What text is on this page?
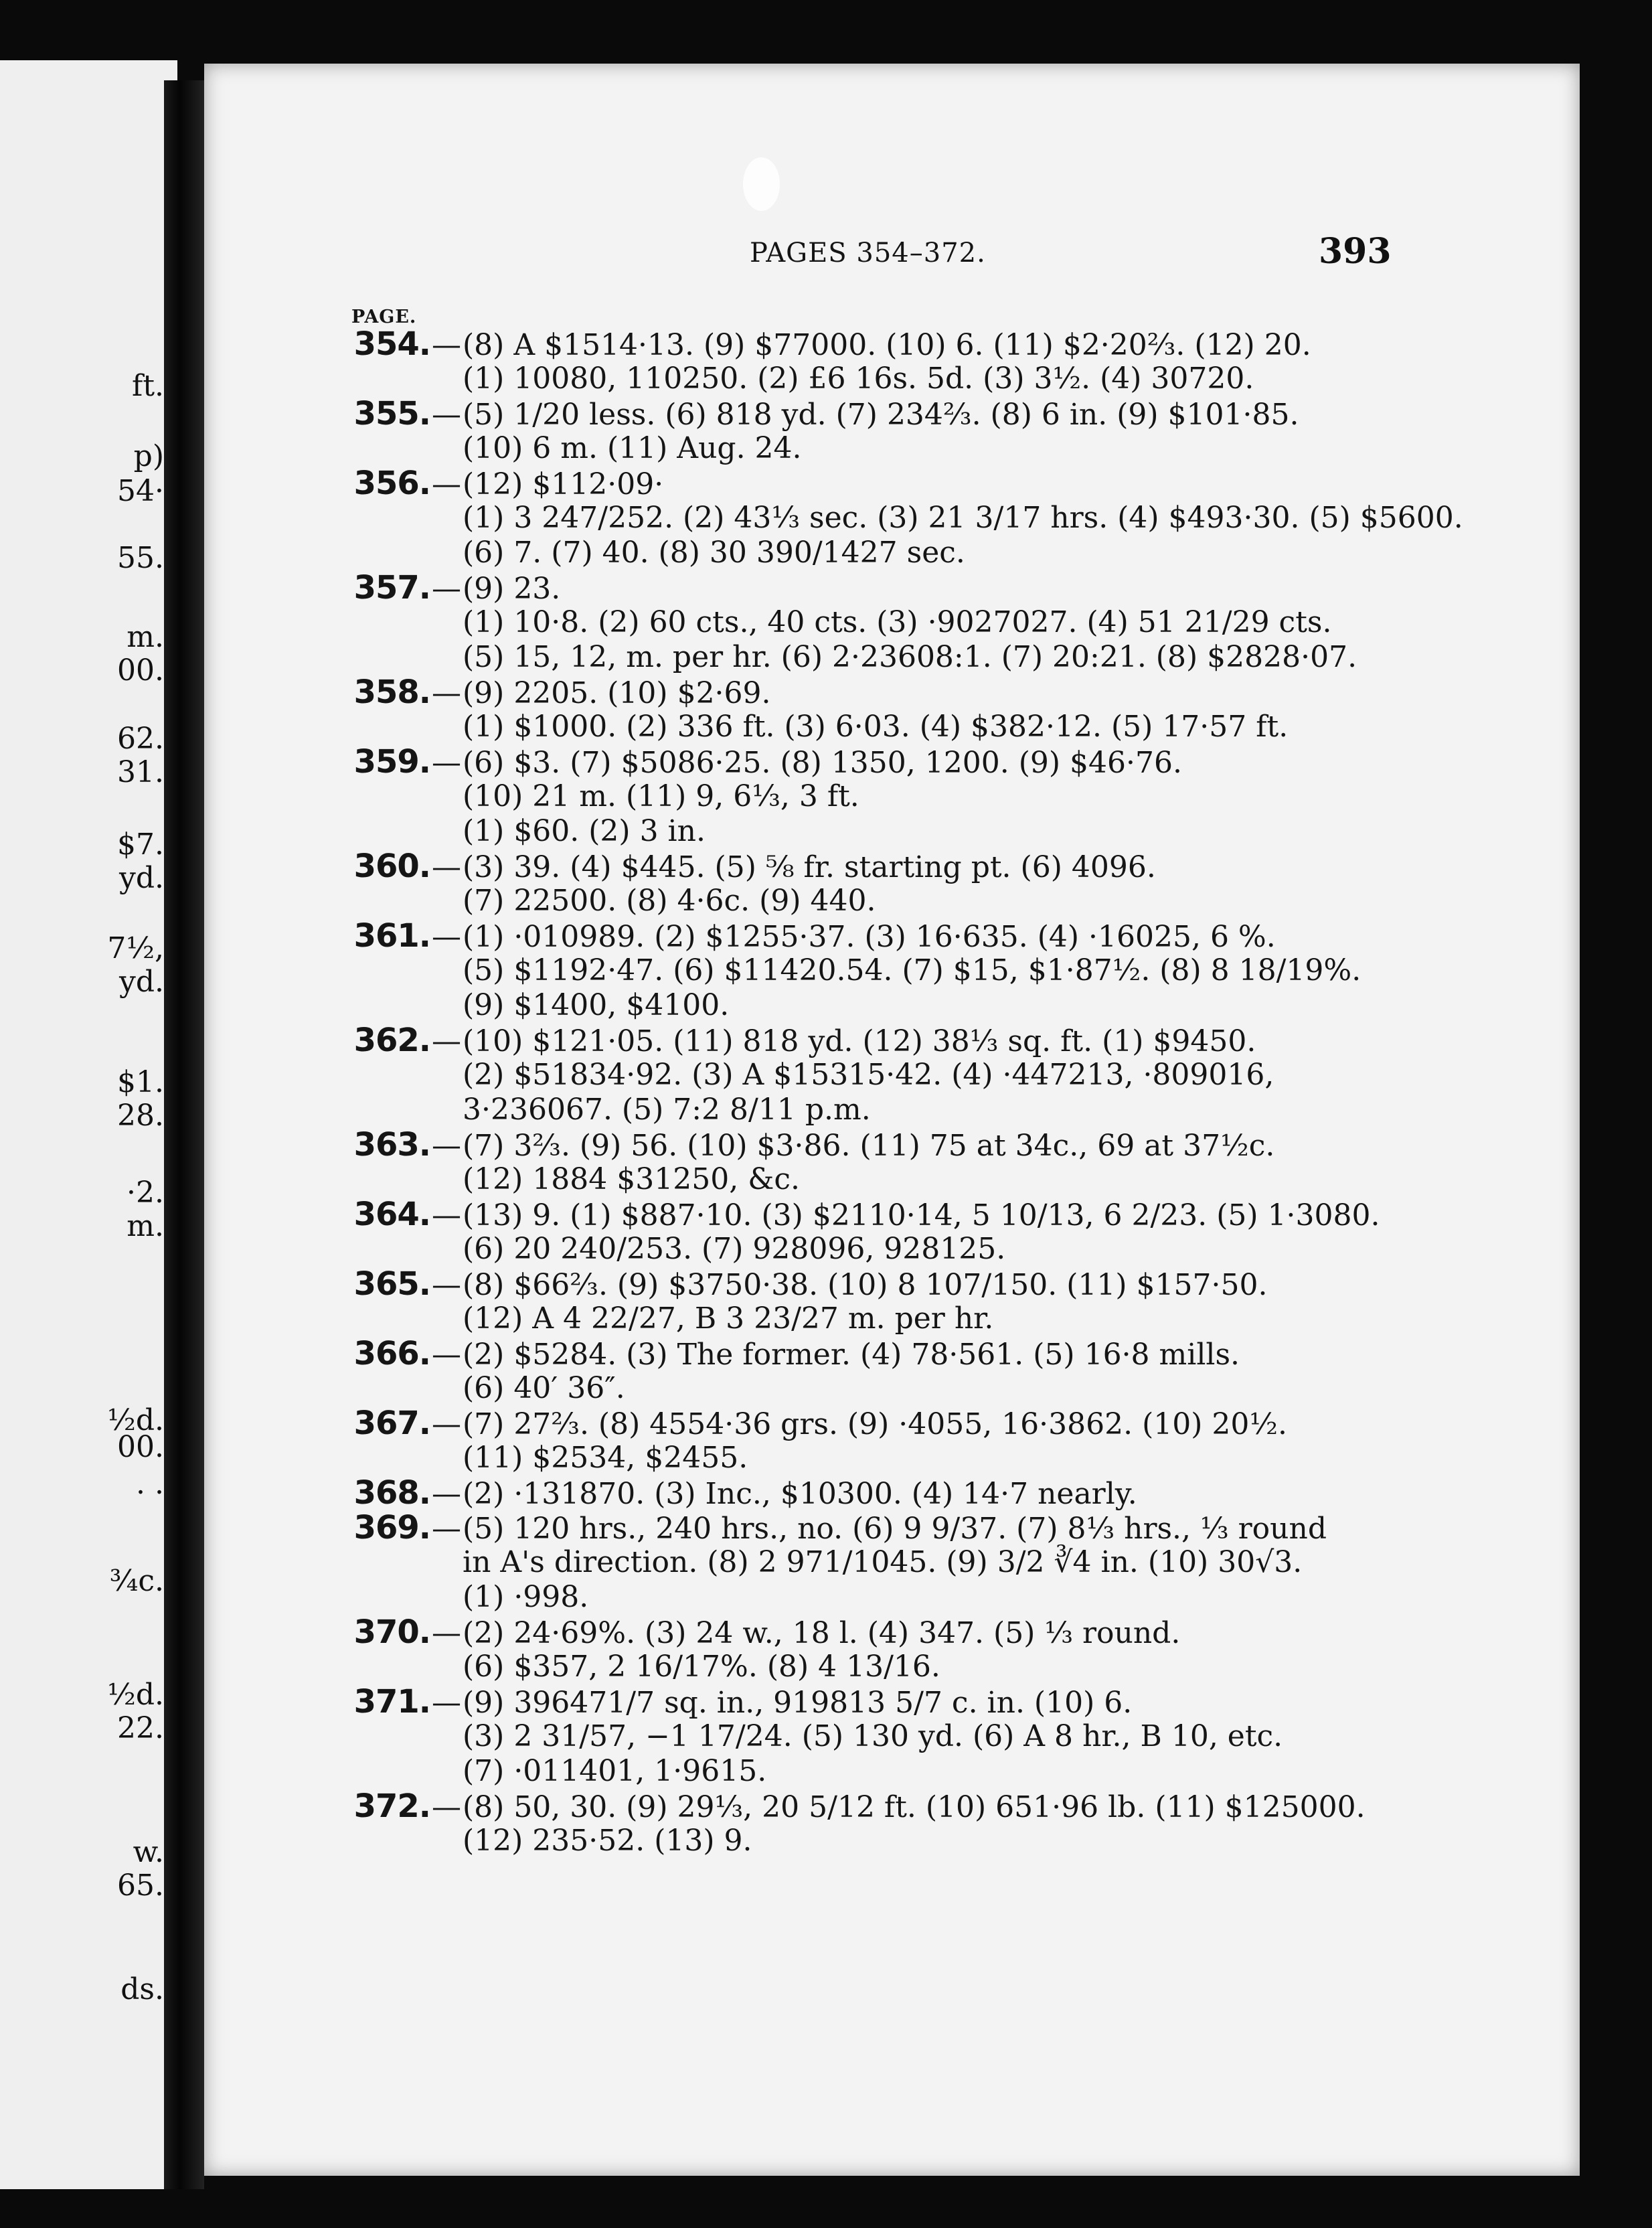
ft.
p)
54·
55.
m.
00.
62.
31.
$7.
yd.
7½,
yd.
$1.
28.
·2.
m.
½d.
00.
. .
¾c.
½d.
22.
w.
65.
ds.
PAGES 354–372.	393
PAGE.
354.—(8) A $1514·13. (9) $77000. (10) 6. (11) $2·20⅔. (12) 20.
(1) 10080, 110250. (2) £6 16s. 5d. (3) 3½. (4) 30720.
355.—(5) 1/20 less. (6) 818 yd. (7) 234⅔. (8) 6 in. (9) $101·85.
(10) 6 m. (11) Aug. 24.
356.—(12) $112·09·
(1) 3 247/252. (2) 43⅓ sec. (3) 21 3/17 hrs. (4) $493·30. (5) $5600.
(6) 7. (7) 40. (8) 30 390/1427 sec.
357.—(9) 23.
(1) 10·8. (2) 60 cts., 40 cts. (3) ·9027027. (4) 51 21/29 cts.
(5) 15, 12, m. per hr. (6) 2·23608:1. (7) 20:21. (8) $2828·07.
358.—(9) 2205. (10) $2·69.
(1) $1000. (2) 336 ft. (3) 6·03. (4) $382·12. (5) 17·57 ft.
359.—(6) $3. (7) $5086·25. (8) 1350, 1200. (9) $46·76.
(10) 21 m. (11) 9, 6⅓, 3 ft.
(1) $60. (2) 3 in.
360.—(3) 39. (4) $445. (5) ⅝ fr. starting pt. (6) 4096.
(7) 22500. (8) 4·6c. (9) 440.
361.—(1) ·010989. (2) $1255·37. (3) 16·635. (4) ·16025, 6 %.
(5) $1192·47. (6) $11420.54. (7) $15, $1·87½. (8) 8 18/19%.
(9) $1400, $4100.
362.—(10) $121·05. (11) 818 yd. (12) 38⅓ sq. ft. (1) $9450.
(2) $51834·92. (3) A $15315·42. (4) ·447213, ·809016,
3·236067. (5) 7:2 8/11 p.m.
363.—(7) 3⅔. (9) 56. (10) $3·86. (11) 75 at 34c., 69 at 37½c.
(12) 1884 $31250, &c.
364.—(13) 9. (1) $887·10. (3) $2110·14, 5 10/13, 6 2/23. (5) 1·3080.
(6) 20 240/253. (7) 928096, 928125.
365.—(8) $66⅔. (9) $3750·38. (10) 8 107/150. (11) $157·50.
(12) A 4 22/27, B 3 23/27 m. per hr.
366.—(2) $5284. (3) The former. (4) 78·561. (5) 16·8 mills.
(6) 40′ 36″.
367.—(7) 27⅔. (8) 4554·36 grs. (9) ·4055, 16·3862. (10) 20½.
(11) $2534, $2455.
368.—(2) ·131870. (3) Inc., $10300. (4) 14·7 nearly.
369.—(5) 120 hrs., 240 hrs., no. (6) 9 9/37. (7) 8⅓ hrs., ⅓ round
in A's direction. (8) 2 971/1045. (9) 3/2 ∛4 in. (10) 30√3.
(1) ·998.
370.—(2) 24·69%. (3) 24 w., 18 l. (4) 347. (5) ⅓ round.
(6) $357, 2 16/17%. (8) 4 13/16.
371.—(9) 396471/7 sq. in., 919813 5/7 c. in. (10) 6.
(3) 2 31/57, −1 17/24. (5) 130 yd. (6) A 8 hr., B 10, etc.
(7) ·011401, 1·9615.
372.—(8) 50, 30. (9) 29⅓, 20 5/12 ft. (10) 651·96 lb. (11) $125000.
(12) 235·52. (13) 9.
